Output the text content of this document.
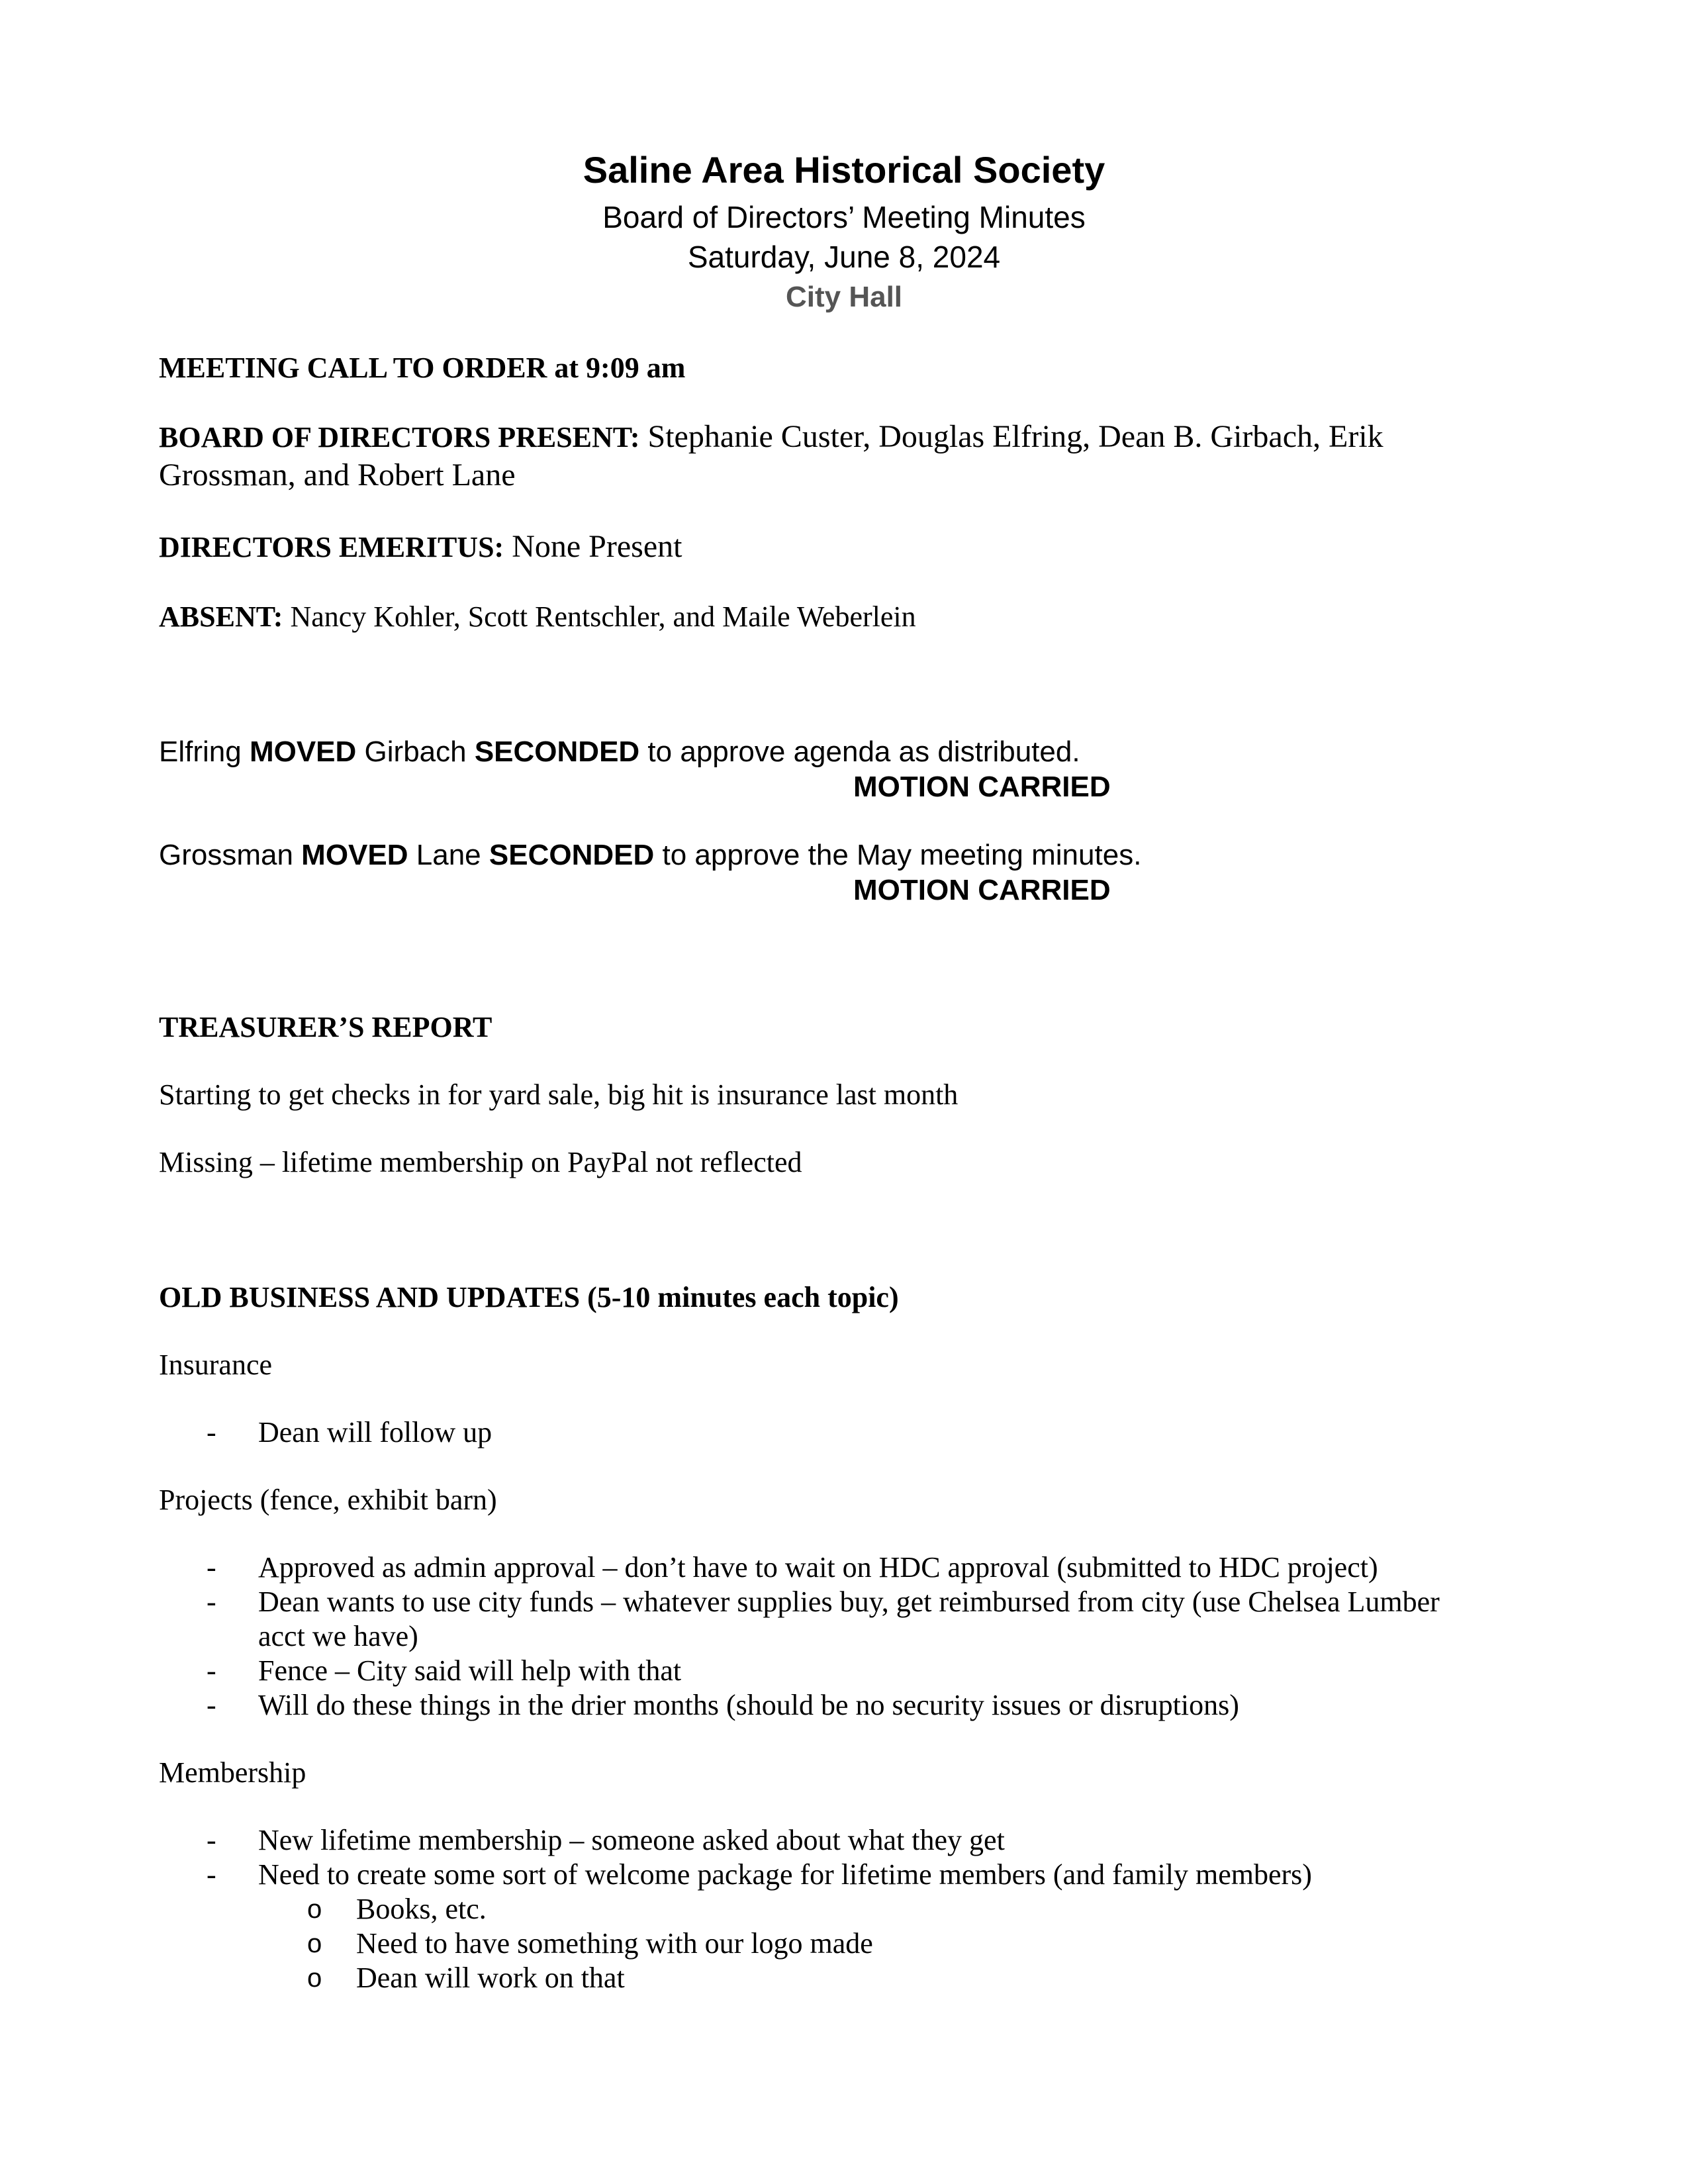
Saline Area Historical Society
Board of Directors’ Meeting Minutes
Saturday, June 8, 2024
City Hall
MEETING CALL TO ORDER at 9:09 am
BOARD OF DIRECTORS PRESENT: Stephanie Custer, Douglas Elfring, Dean B. Girbach, Erik
Grossman, and Robert Lane
DIRECTORS EMERITUS: None Present
ABSENT: Nancy Kohler, Scott Rentschler, and Maile Weberlein
Elfring MOVED Girbach SECONDED to approve agenda as distributed.
MOTION CARRIED
Grossman MOVED Lane SECONDED to approve the May meeting minutes.
MOTION CARRIED
TREASURER’S REPORT
Starting to get checks in for yard sale, big hit is insurance last month
Missing – lifetime membership on PayPal not reflected
OLD BUSINESS AND UPDATES (5-10 minutes each topic)
Insurance
- Dean will follow up
Projects (fence, exhibit barn)
- Approved as admin approval – don’t have to wait on HDC approval (submitted to HDC project)
- Dean wants to use city funds – whatever supplies buy, get reimbursed from city (use Chelsea Lumber
acct we have)
- Fence – City said will help with that
- Will do these things in the drier months (should be no security issues or disruptions)
Membership
- New lifetime membership – someone asked about what they get
- Need to create some sort of welcome package for lifetime members (and family members)
o Books, etc.
o Need to have something with our logo made
o Dean will work on that
